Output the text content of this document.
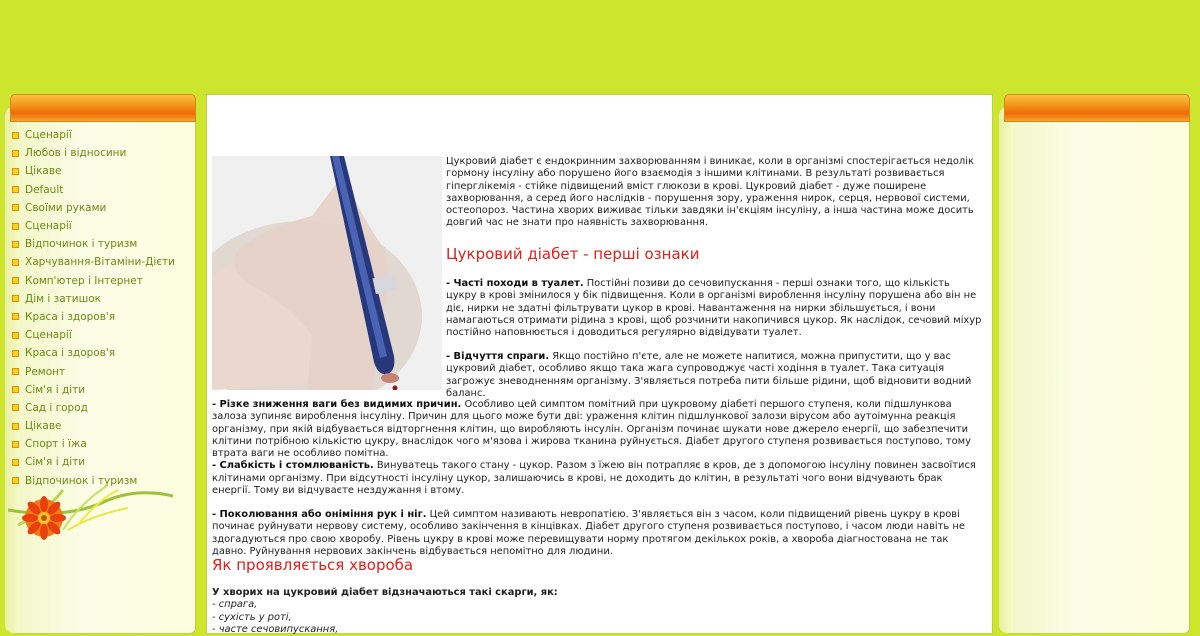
Сценарії
Любов і відносини
Цікаве
Default
Своїми руками
Сценарії
Відпочинок і туризм
Харчування-Вітаміни-Дієти
Комп'ютер і Інтернет
Дім і затишок
Краса і здоров'я
Сценарії
Краса і здоров'я
Ремонт
Сім'я і діти
Сад і город
Цікаве
Спорт і їжа
Сім'я і діти
Відпочинок і туризм

Цукровий діабет є ендокринним захворюванням і виникає, коли в організмі спостерігається недолік гормону інсуліну або порушено його взаємодія з іншими клітинами. В результаті розвивається гіперглікемія - стійке підвищений вміст глюкози в крові. Цукровий діабет - дуже поширене захворювання, а серед його наслідків - порушення зору, ураження нирок, серця, нервової системи, остеопороз. Частина хворих виживає тільки завдяки ін'єкціям інсуліну, а інша частина може досить довгий час не знати про наявність захворювання.

Цукровий діабет - перші ознаки

- Часті походи в туалет. Постійні позиви до сечовипускання - перші ознаки того, що кількість цукру в крові змінилося у бік підвищення. Коли в організмі вироблення інсуліну порушена або він не діє, нирки не здатні фільтрувати цукор в крові. Навантаження на нирки збільшується, і вони намагаються отримати рідина з крові, щоб розчинити накопичився цукор. Як наслідок, сечовий міхур постійно наповнюється і доводиться регулярно відвідувати туалет.

- Відчуття спраги. Якщо постійно п'єте, але не можете напитися, можна припустити, що у вас цукровий діабет, особливо якщо така жага супроводжує часті ходіння в туалет. Така ситуація загрожує зневодненням організму. З'являється потреба пити більше рідини, щоб відновити водний баланс.

- Різке зниження ваги без видимих причин. Особливо цей симптом помітний при цукровому діабеті першого ступеня, коли підшлункова залоза зупиняє вироблення інсуліну. Причин для цього може бути дві: ураження клітин підшлункової залози вірусом або аутоімунна реакція організму, при якій відбувається відторгнення клітин, що виробляють інсулін. Організм починає шукати нове джерело енергії, що забезпечити клітини потрібною кількістю цукру, внаслідок чого м'язова і жирова тканина руйнується. Діабет другого ступеня розвивається поступово, тому втрата ваги не особливо помітна.
- Слабкість і стомлюваність. Винуватець такого стану - цукор. Разом з їжею він потрапляє в кров, де з допомогою інсуліну повинен засвоїтися клітинами організму. При відсутності інсуліну цукор, залишаючись в крові, не доходить до клітин, в результаті чого вони відчувають брак енергії. Тому ви відчуваєте нездужання і втому.

- Поколювання або оніміння рук і ніг. Цей симптом називають невропатією. З'являється він з часом, коли підвищений рівень цукру в крові починає руйнувати нервову систему, особливо закінчення в кінцівках. Діабет другого ступеня розвивається поступово, і часом люди навіть не здогадуються про свою хворобу. Рівень цукру в крові може перевищувати норму протягом декількох років, а хвороба діагностована не так давно. Руйнування нервових закінчень відбувається непомітно для людини.

Як проявляється хвороба
У хворих на цукровий діабет відзначаються такі скарги, як:
- спрага,
- сухість у роті,
- часте сечовипускання,
